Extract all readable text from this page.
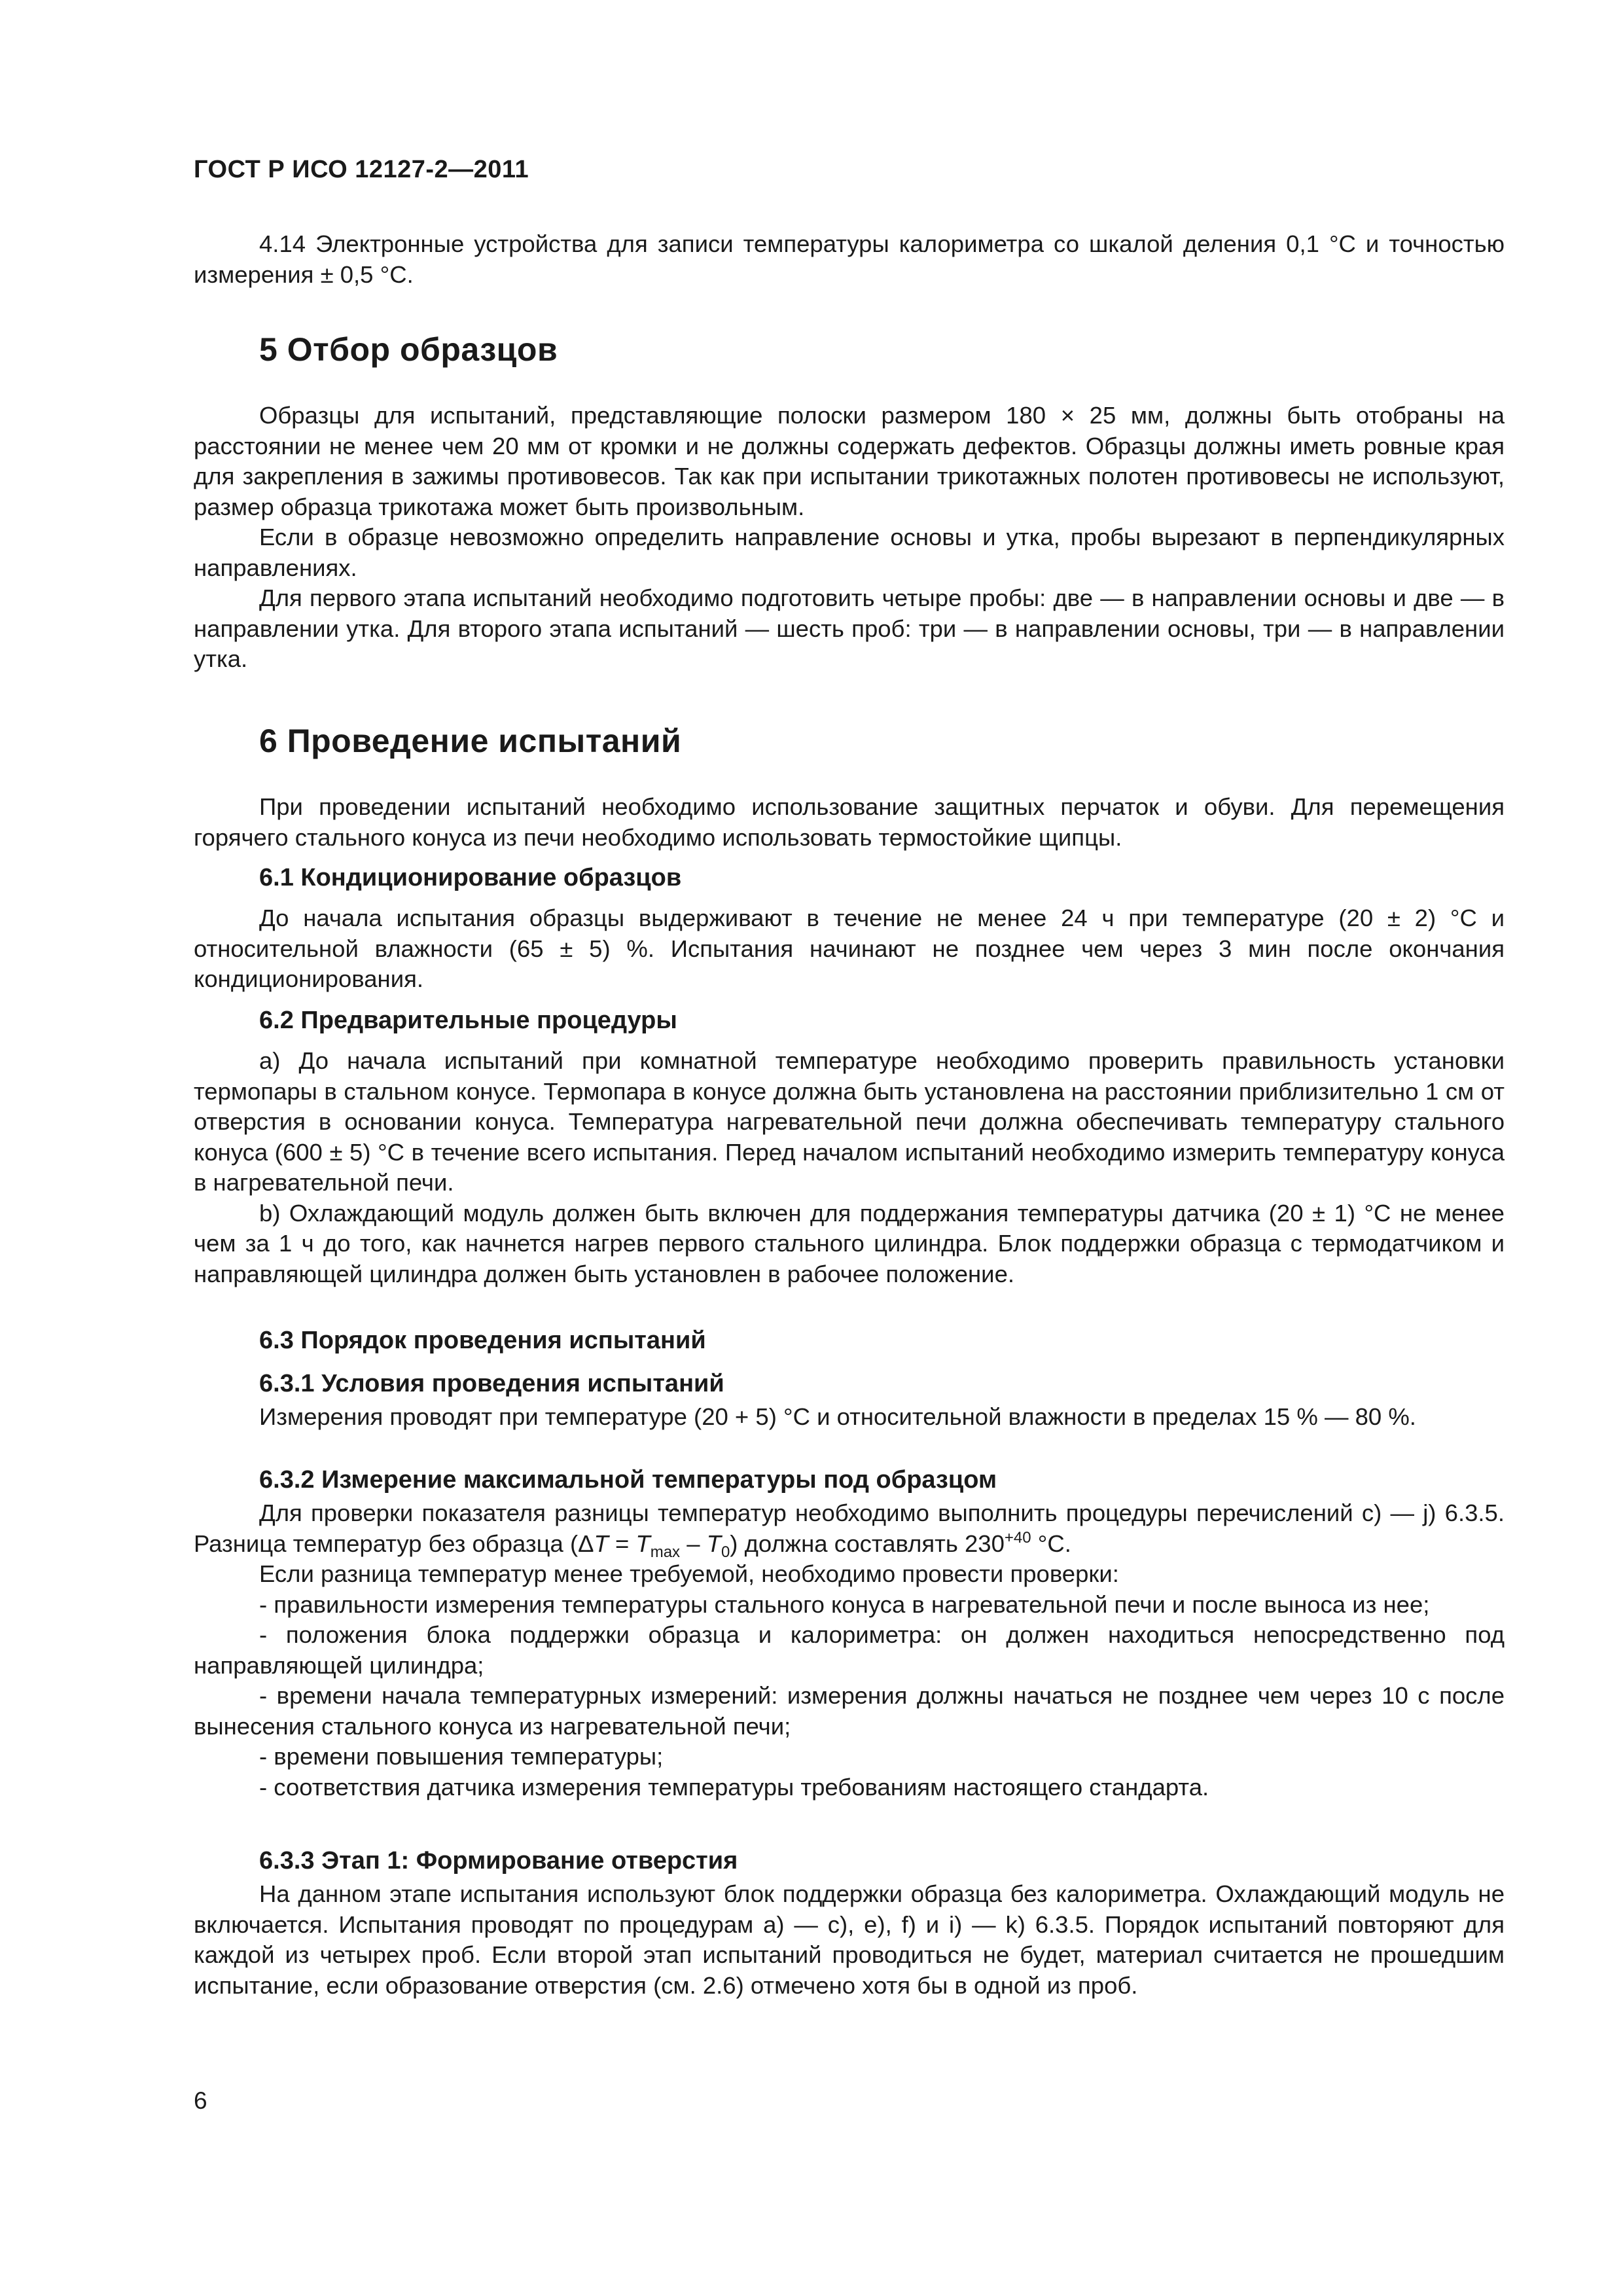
ГОСТ Р ИСО 12127-2—2011

4.14 Электронные устройства для записи температуры калориметра со шкалой деления 0,1 °С и точностью измерения ± 0,5 °С.

5 Отбор образцов

Образцы для испытаний, представляющие полоски размером 180 × 25 мм, должны быть отобраны на расстоянии не менее чем 20 мм от кромки и не должны содержать дефектов. Образцы должны иметь ровные края для закрепления в зажимы противовесов. Так как при испытании трикотажных полотен противовесы не используют, размер образца трикотажа может быть произвольным.

Если в образце невозможно определить направление основы и утка, пробы вырезают в перпендикулярных направлениях.

Для первого этапа испытаний необходимо подготовить четыре пробы: две — в направлении основы и две — в направлении утка. Для второго этапа испытаний — шесть проб: три — в направлении основы, три — в направлении утка.

6 Проведение испытаний

При проведении испытаний необходимо использование защитных перчаток и обуви. Для перемещения горячего стального конуса из печи необходимо использовать термостойкие щипцы.

6.1 Кондиционирование образцов

До начала испытания образцы выдерживают в течение не менее 24 ч при температуре (20 ± 2) °С и относительной влажности (65 ± 5) %. Испытания начинают не позднее чем через 3 мин после окончания кондиционирования.

6.2 Предварительные процедуры

а) До начала испытаний при комнатной температуре необходимо проверить правильность установки термопары в стальном конусе. Термопара в конусе должна быть установлена на расстоянии приблизительно 1 см от отверстия в основании конуса. Температура нагревательной печи должна обеспечивать температуру стального конуса (600 ± 5) °С в течение всего испытания. Перед началом испытаний необходимо измерить температуру конуса в нагревательной печи.

b) Охлаждающий модуль должен быть включен для поддержания температуры датчика (20 ± 1) °С не менее чем за 1 ч до того, как начнется нагрев первого стального цилиндра. Блок поддержки образца с термодатчиком и направляющей цилиндра должен быть установлен в рабочее положение.

6.3 Порядок проведения испытаний
6.3.1 Условия проведения испытаний

Измерения проводят при температуре (20 + 5) °С и относительной влажности в пределах 15 % — 80 %.

6.3.2 Измерение максимальной температуры под образцом

Для проверки показателя разницы температур необходимо выполнить процедуры перечислений с) — j) 6.3.5. Разница температур без образца $(\Delta T = T_{max} - T_0)$ должна составлять $230^{+40}$ °С.

Если разница температур менее требуемой, необходимо провести проверки:

- правильности измерения температуры стального конуса в нагревательной печи и после выноса из нее;

- положения блока поддержки образца и калориметра: он должен находиться непосредственно под направляющей цилиндра;

- времени начала температурных измерений: измерения должны начаться не позднее чем через 10 с после вынесения стального конуса из нагревательной печи;

- времени повышения температуры;

- соответствия датчика измерения температуры требованиям настоящего стандарта.

6.3.3 Этап 1: Формирование отверстия

На данном этапе испытания используют блок поддержки образца без калориметра. Охлаждающий модуль не включается. Испытания проводят по процедурам а) — с), е), f) и i) — k) 6.3.5. Порядок испытаний повторяют для каждой из четырех проб. Если второй этап испытаний проводиться не будет, материал считается не прошедшим испытание, если образование отверстия (см. 2.6) отмечено хотя бы в одной из проб.

6
